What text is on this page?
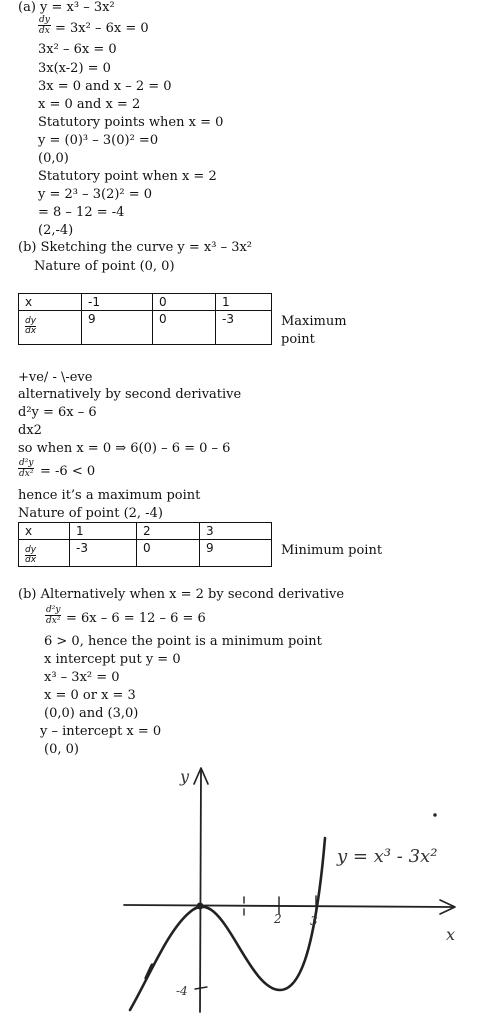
(a) y = x³ – 3x²
$\frac{dy}{dx} = 3x^2 - 6x = 0$
3x² – 6x = 0
3x(x-2) = 0
3x = 0 and x – 2 = 0
x = 0 and x = 2
Statutory points when x = 0
y = (0)³ – 3(0)² =0
(0,0)
Statutory point when x = 2
y = 2³ – 3(2)² = 0
= 8 – 12 = -4
(2,-4)
(b) Sketching the curve y = x³ – 3x²
Nature of point (0, 0)
x	-1	0	1

$\frac{dy}{dx}$	9	0	-3	Maximum point
+ve/ - \-eve
alternatively by second derivative
d²y = 6x – 6
dx2
so when x = 0 ⇒ 6(0) – 6 = 0 – 6
$\frac{\text{d²y}}{\text{dx²}} = -6 < 0$
hence it’s a maximum point
Nature of point (2, -4)
x	1	2	3

$\frac{dy}{dx}$	-3	0	9	Minimum point
(b) Alternatively when x = 2 by second derivative
$\frac{\text{d²y}}{\text{dx²}} = 6x - 6 = 12 - 6 = 6$
6 > 0, hence the point is a minimum point
x intercept put y = 0
x³ – 3x² = 0
x = 0 or x = 3
(0,0) and (3,0)
y – intercept x = 0
(0, 0)
y
x
y = x³ - 3x²
2 3
-4
